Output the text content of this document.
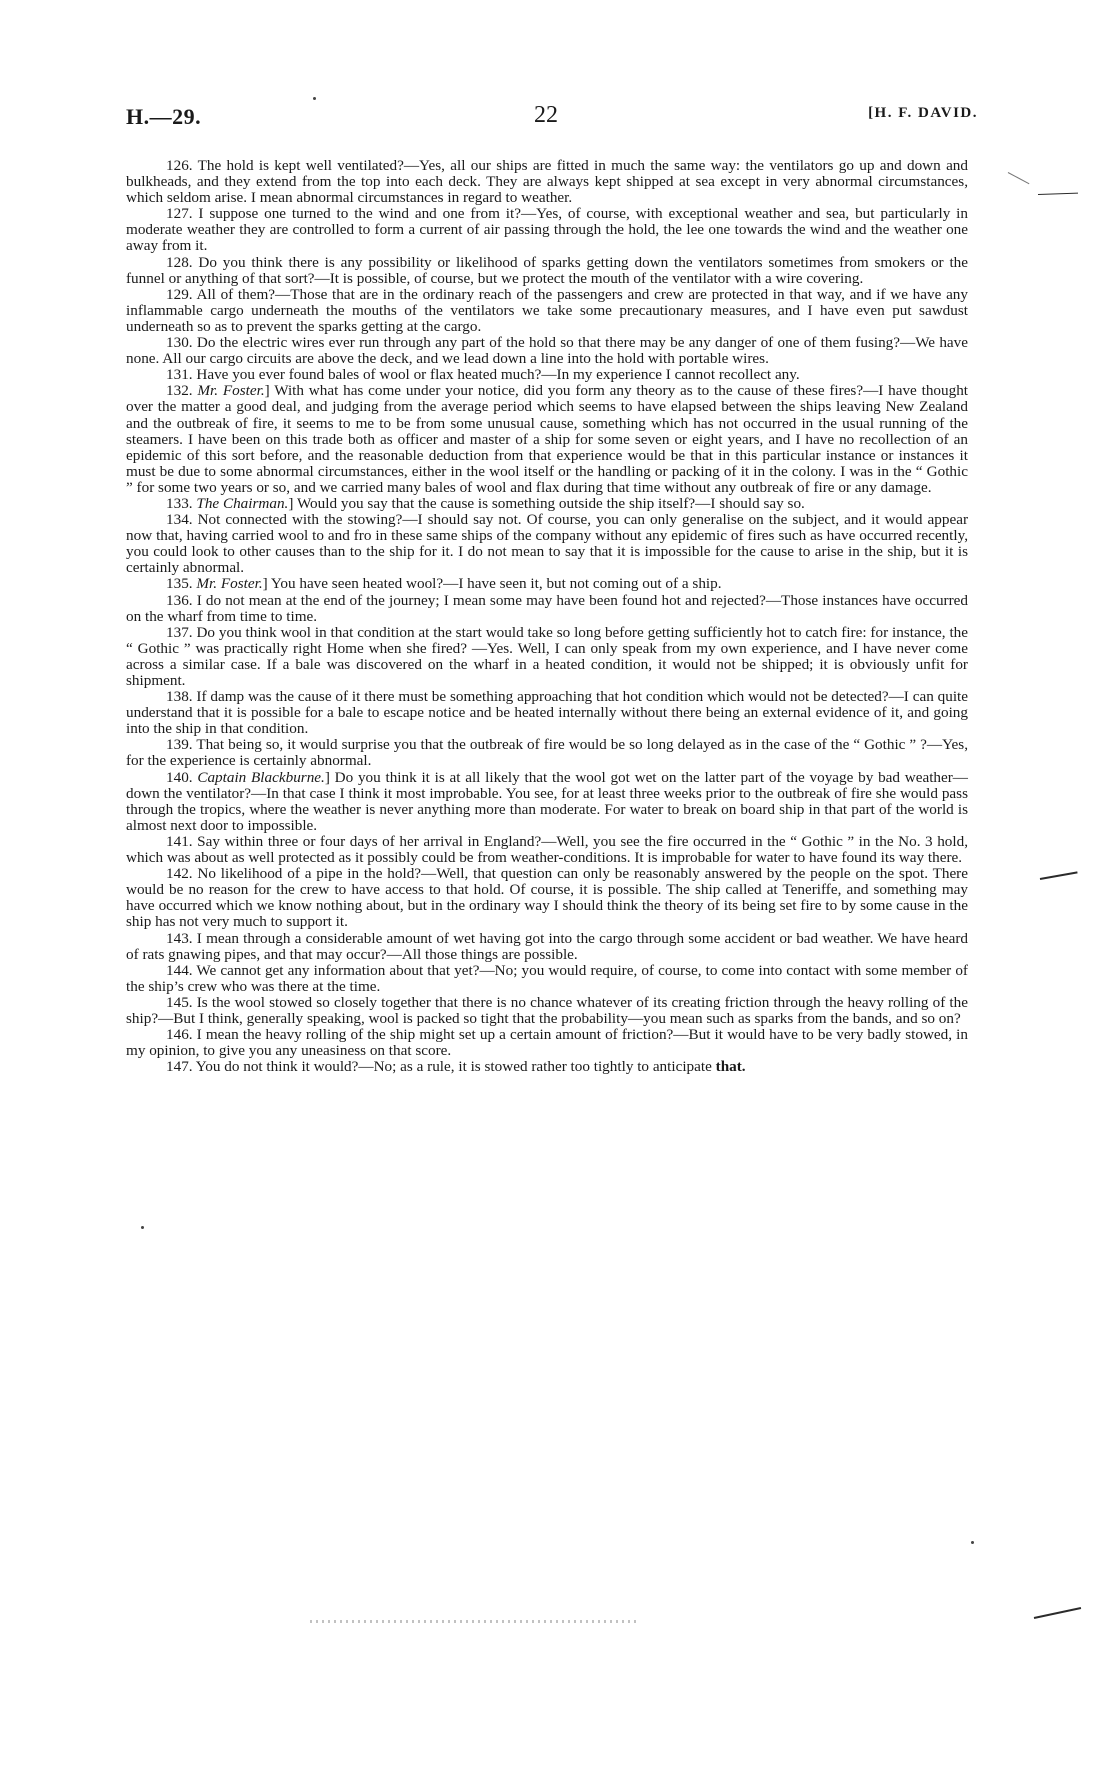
H.—29.	22	[H. F. DAVID.

126. The hold is kept well ventilated?—Yes, all our ships are fitted in much the same way: the ventilators go up and down and bulkheads, and they extend from the top into each deck. They are always kept shipped at sea except in very abnormal circumstances, which seldom arise. I mean abnormal circumstances in regard to weather.

127. I suppose one turned to the wind and one from it?—Yes, of course, with exceptional weather and sea, but particularly in moderate weather they are controlled to form a current of air passing through the hold, the lee one towards the wind and the weather one away from it.

128. Do you think there is any possibility or likelihood of sparks getting down the ventilators sometimes from smokers or the funnel or anything of that sort?—It is possible, of course, but we protect the mouth of the ventilator with a wire covering.

129. All of them?—Those that are in the ordinary reach of the passengers and crew are protected in that way, and if we have any inflammable cargo underneath the mouths of the ventilators we take some precautionary measures, and I have even put sawdust underneath so as to prevent the sparks getting at the cargo.

130. Do the electric wires ever run through any part of the hold so that there may be any danger of one of them fusing?—We have none. All our cargo circuits are above the deck, and we lead down a line into the hold with portable wires.

131. Have you ever found bales of wool or flax heated much?—In my experience I cannot recollect any.

132. Mr. Foster.] With what has come under your notice, did you form any theory as to the cause of these fires?—I have thought over the matter a good deal, and judging from the average period which seems to have elapsed between the ships leaving New Zealand and the outbreak of fire, it seems to me to be from some unusual cause, something which has not occurred in the usual running of the steamers. I have been on this trade both as officer and master of a ship for some seven or eight years, and I have no recollection of an epidemic of this sort before, and the reasonable deduction from that experience would be that in this particular instance or instances it must be due to some abnormal circumstances, either in the wool itself or the handling or packing of it in the colony. I was in the “ Gothic ” for some two years or so, and we carried many bales of wool and flax during that time without any outbreak of fire or any damage.

133. The Chairman.] Would you say that the cause is something outside the ship itself?—I should say so.

134. Not connected with the stowing?—I should say not. Of course, you can only generalise on the subject, and it would appear now that, having carried wool to and fro in these same ships of the company without any epidemic of fires such as have occurred recently, you could look to other causes than to the ship for it. I do not mean to say that it is impossible for the cause to arise in the ship, but it is certainly abnormal.

135. Mr. Foster.] You have seen heated wool?—I have seen it, but not coming out of a ship.

136. I do not mean at the end of the journey; I mean some may have been found hot and rejected?—Those instances have occurred on the wharf from time to time.

137. Do you think wool in that condition at the start would take so long before getting sufficiently hot to catch fire: for instance, the “ Gothic ” was practically right Home when she fired? —Yes. Well, I can only speak from my own experience, and I have never come across a similar case. If a bale was discovered on the wharf in a heated condition, it would not be shipped; it is obviously unfit for shipment.

138. If damp was the cause of it there must be something approaching that hot condition which would not be detected?—I can quite understand that it is possible for a bale to escape notice and be heated internally without there being an external evidence of it, and going into the ship in that condition.

139. That being so, it would surprise you that the outbreak of fire would be so long delayed as in the case of the “ Gothic ” ?—Yes, for the experience is certainly abnormal.

140. Captain Blackburne.] Do you think it is at all likely that the wool got wet on the latter part of the voyage by bad weather—down the ventilator?—In that case I think it most improbable. You see, for at least three weeks prior to the outbreak of fire she would pass through the tropics, where the weather is never anything more than moderate. For water to break on board ship in that part of the world is almost next door to impossible.

141. Say within three or four days of her arrival in England?—Well, you see the fire occurred in the “ Gothic ” in the No. 3 hold, which was about as well protected as it possibly could be from weather-conditions. It is improbable for water to have found its way there.

142. No likelihood of a pipe in the hold?—Well, that question can only be reasonably answered by the people on the spot. There would be no reason for the crew to have access to that hold. Of course, it is possible. The ship called at Teneriffe, and something may have occurred which we know nothing about, but in the ordinary way I should think the theory of its being set fire to by some cause in the ship has not very much to support it.

143. I mean through a considerable amount of wet having got into the cargo through some accident or bad weather. We have heard of rats gnawing pipes, and that may occur?—All those things are possible.

144. We cannot get any information about that yet?—No; you would require, of course, to come into contact with some member of the ship’s crew who was there at the time.

145. Is the wool stowed so closely together that there is no chance whatever of its creating friction through the heavy rolling of the ship?—But I think, generally speaking, wool is packed so tight that the probability—you mean such as sparks from the bands, and so on?

146. I mean the heavy rolling of the ship might set up a certain amount of friction?—But it would have to be very badly stowed, in my opinion, to give you any uneasiness on that score.

147. You do not think it would?—No; as a rule, it is stowed rather too tightly to anticipate that.
